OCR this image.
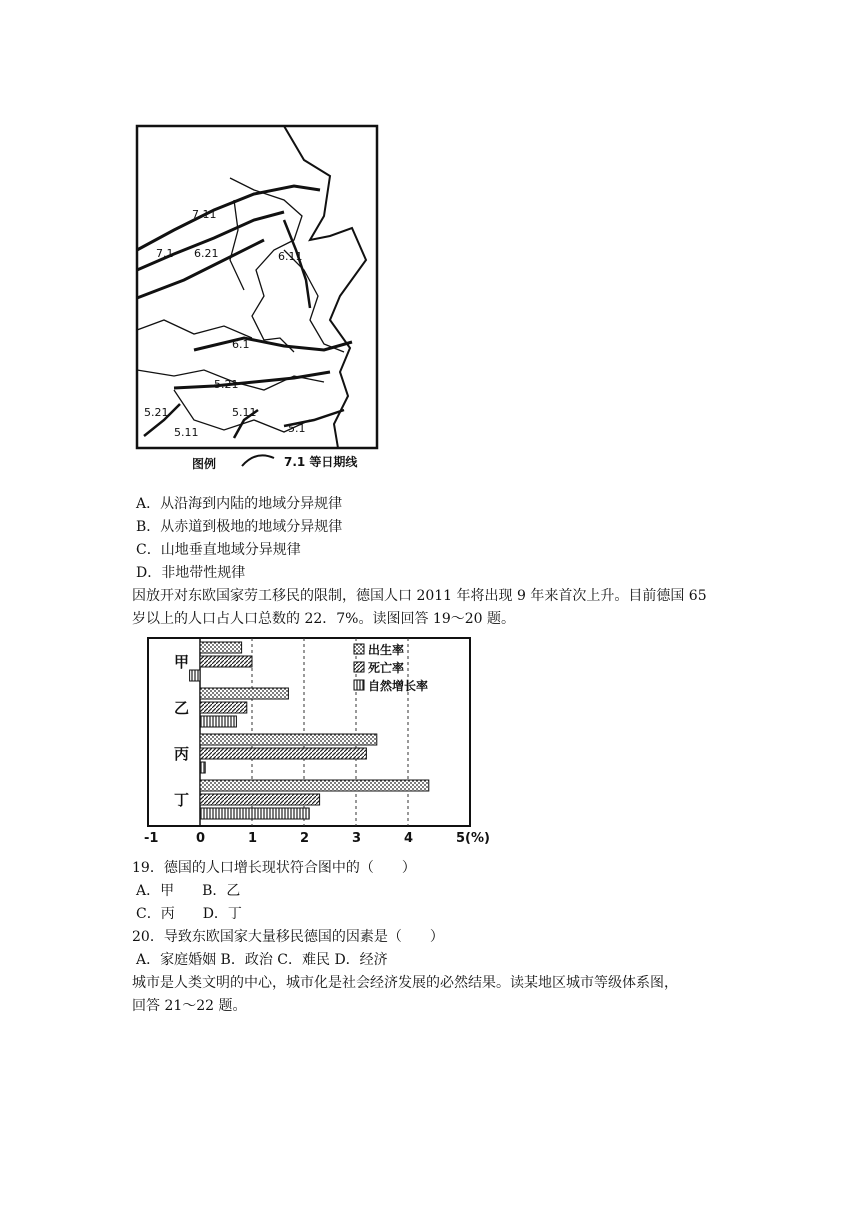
7.11
7.1 6.21	6.11
6.1
5.21
5.21	5.11
5.11	5.1
图例	7.1 等日期线
A．从沿海到内陆的地域分异规律
B．从赤道到极地的地域分异规律
C．山地垂直地域分异规律
D．非地带性规律
因放开对东欧国家劳工移民的限制，德国人口 2011 年将出现 9 年来首次上升。目前德国 65
岁以上的人口占人口总数的 22．7%。读图回答 19～20 题。
甲
乙
丙
丁
-1	0	1	2	3	4	5(%)
出生率
死亡率
自然增长率
19．德国的人口增长现状符合图中的（　　）
A．甲　　B．乙
C．丙　　D．丁
20．导致东欧国家大量移民德国的因素是（　　）
A．家庭婚姻 B．政治 C．难民 D．经济
城市是人类文明的中心，城市化是社会经济发展的必然结果。读某地区城市等级体系图，
回答 21～22 题。
